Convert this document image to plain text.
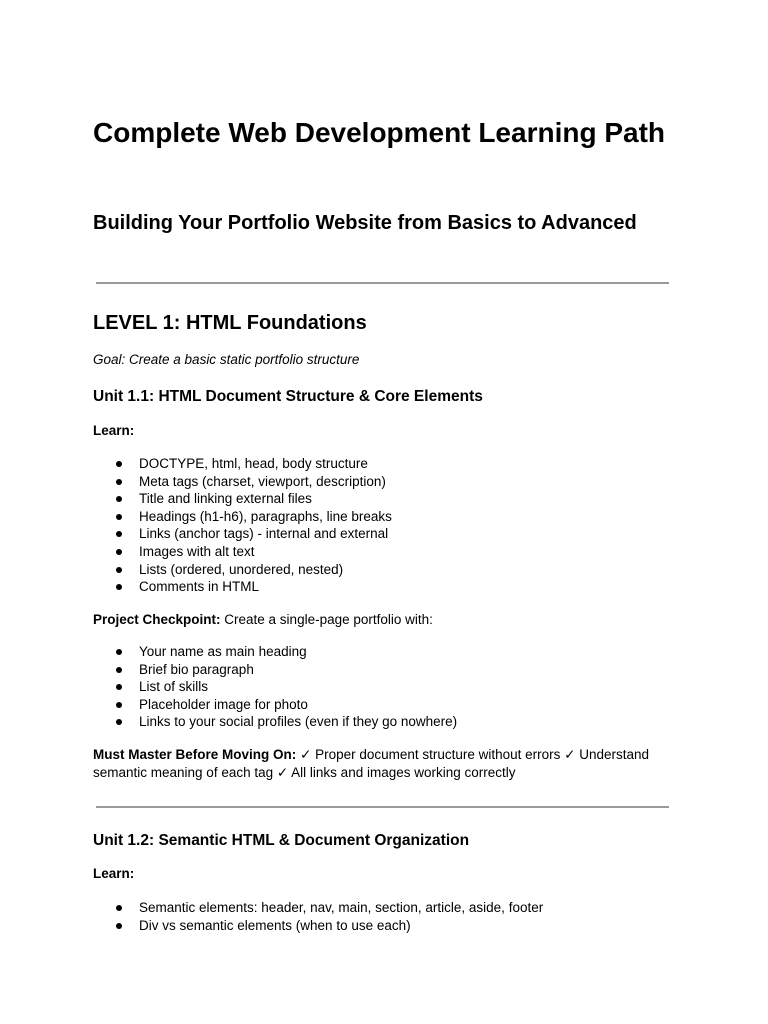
Complete Web Development Learning Path
Building Your Portfolio Website from Basics to Advanced
LEVEL 1: HTML Foundations

Goal: Create a basic static portfolio structure

Unit 1.1: HTML Document Structure & Core Elements

Learn:

DOCTYPE, html, head, body structure
Meta tags (charset, viewport, description)
Title and linking external files
Headings (h1-h6), paragraphs, line breaks
Links (anchor tags) - internal and external
Images with alt text
Lists (ordered, unordered, nested)
Comments in HTML

Project Checkpoint: Create a single-page portfolio with:

Your name as main heading
Brief bio paragraph
List of skills
Placeholder image for photo
Links to your social profiles (even if they go nowhere)

Must Master Before Moving On: ✓ Proper document structure without errors ✓ Understand semantic meaning of each tag ✓ All links and images working correctly

Unit 1.2: Semantic HTML & Document Organization

Learn:

Semantic elements: header, nav, main, section, article, aside, footer
Div vs semantic elements (when to use each)
